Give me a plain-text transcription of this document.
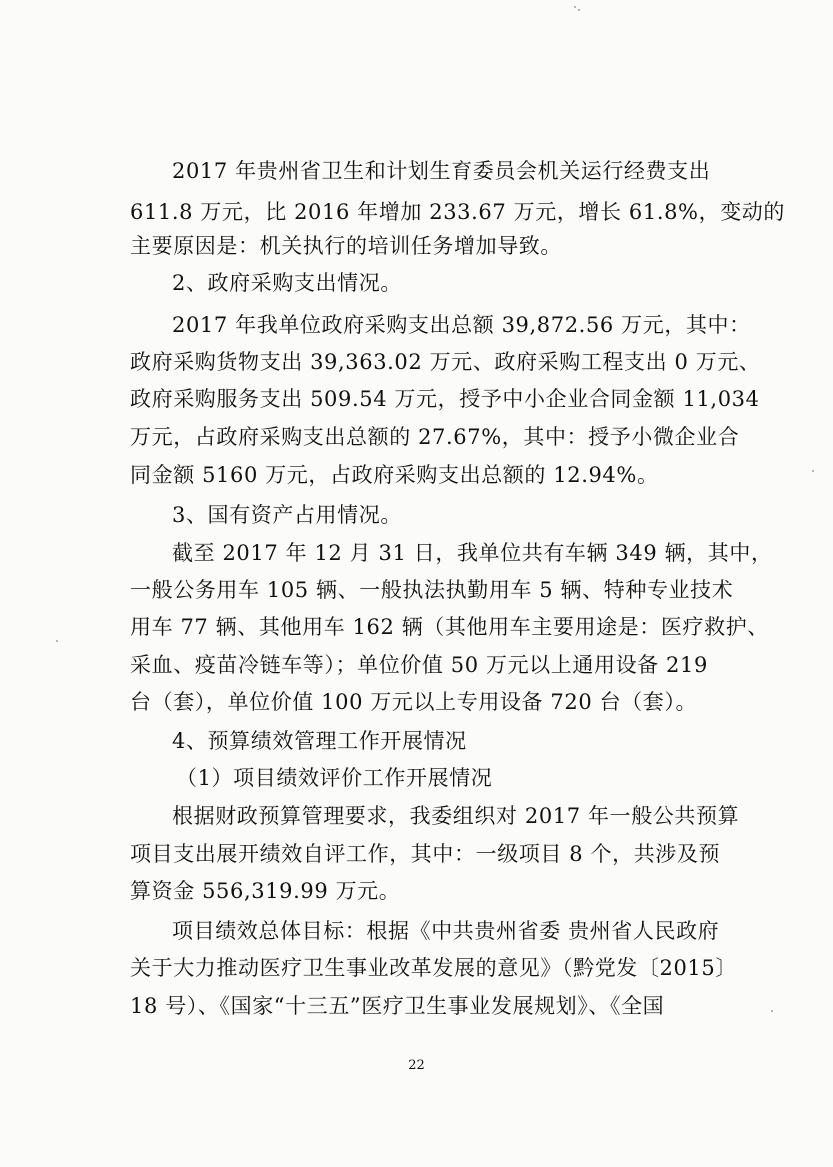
2017 年贵州省卫生和计划生育委员会机关运行经费支出
611.8 万元，比 2016 年增加 233.67 万元，增长 61.8%，变动的
主要原因是：机关执行的培训任务增加导致。
2、政府采购支出情况。
2017 年我单位政府采购支出总额 39,872.56 万元，其中：
政府采购货物支出 39,363.02 万元、政府采购工程支出 0 万元、
政府采购服务支出 509.54 万元，授予中小企业合同金额 11,034
万元，占政府采购支出总额的 27.67%，其中：授予小微企业合
同金额 5160 万元，占政府采购支出总额的 12.94%。
3、国有资产占用情况。
截至 2017 年 12 月 31 日，我单位共有车辆 349 辆，其中，
一般公务用车 105 辆、一般执法执勤用车 5 辆、特种专业技术
用车 77 辆、其他用车 162 辆（其他用车主要用途是：医疗救护、
采血、疫苗冷链车等）；单位价值 50 万元以上通用设备 219
台（套），单位价值 100 万元以上专用设备 720 台（套）。
4、预算绩效管理工作开展情况
（1）项目绩效评价工作开展情况
根据财政预算管理要求，我委组织对 2017 年一般公共预算
项目支出展开绩效自评工作，其中：一级项目 8 个，共涉及预
算资金 556,319.99 万元。
项目绩效总体目标：根据《中共贵州省委 贵州省人民政府
关于大力推动医疗卫生事业改革发展的意见》（黔党发〔2015〕
18 号）、《国家“十三五”医疗卫生事业发展规划》、《全国
22
